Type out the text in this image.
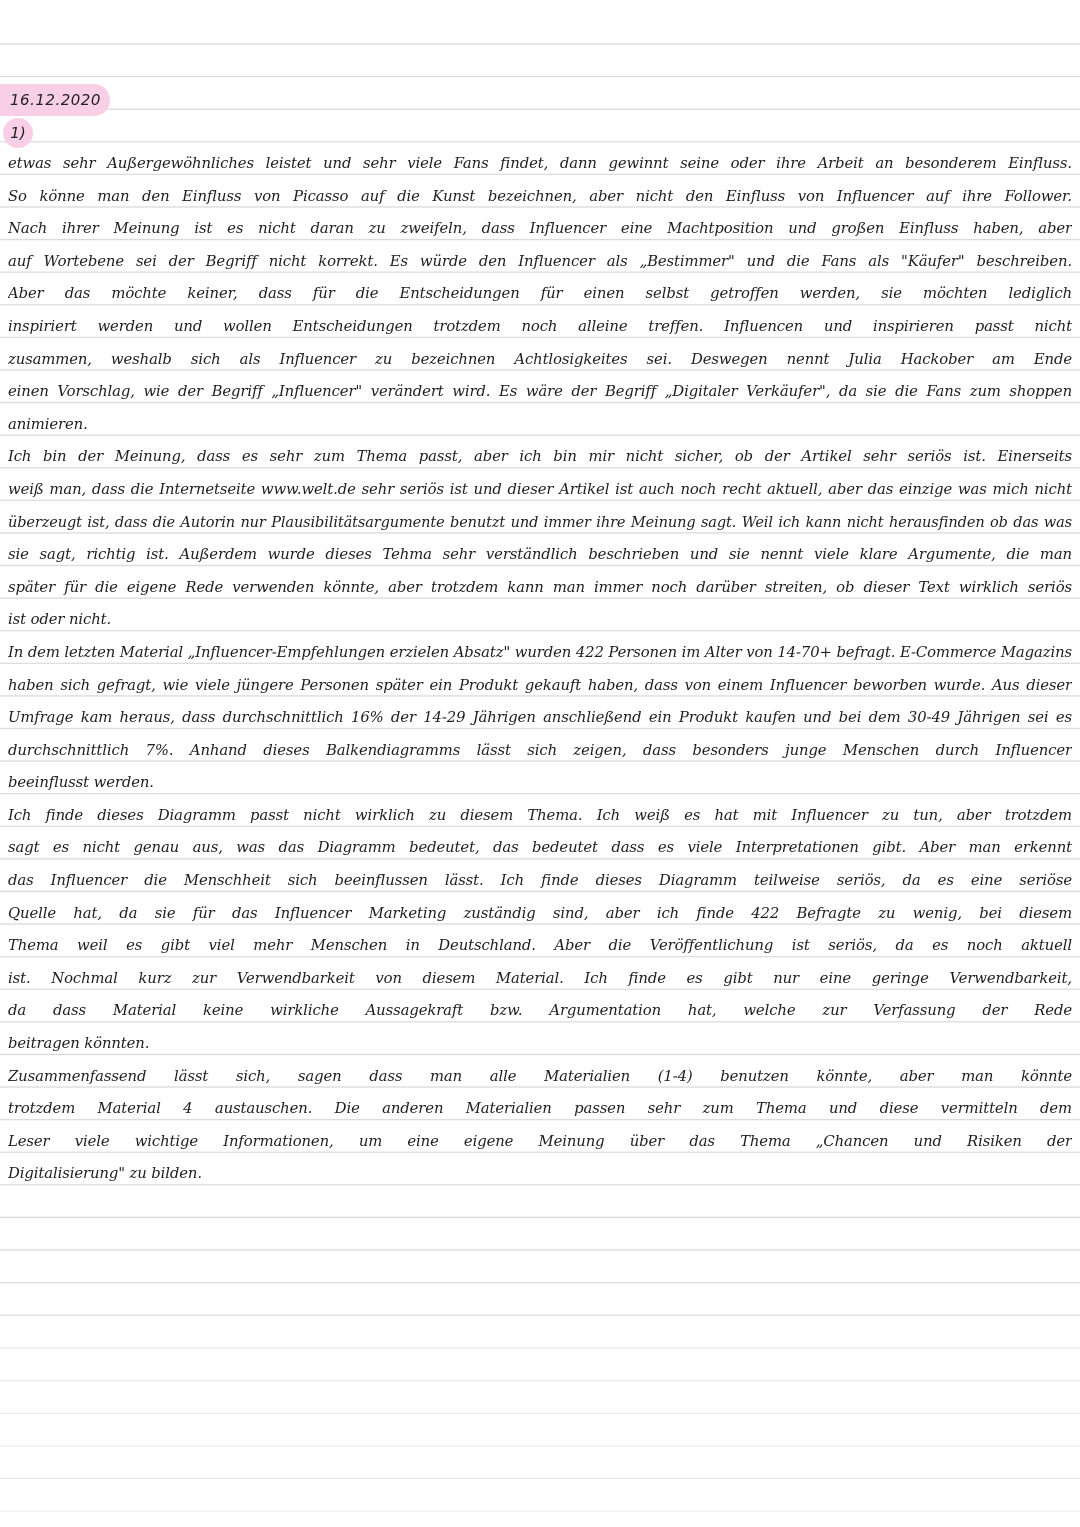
16.12.2020
1)
etwas sehr Außergewöhnliches leistet und sehr viele Fans findet, dann gewinnt seine oder ihre Arbeit an besonderem Einfluss.
So könne man den Einfluss von Picasso auf die Kunst bezeichnen, aber nicht den Einfluss von Influencer auf ihre Follower.
Nach ihrer Meinung ist es nicht daran zu zweifeln, dass Influencer eine Machtposition und großen Einfluss haben, aber
auf Wortebene sei der Begriff nicht korrekt. Es würde den Influencer als „Bestimmer" und die Fans als "Käufer" beschreiben.
Aber das möchte keiner, dass für die Entscheidungen für einen selbst getroffen werden, sie möchten lediglich
inspiriert werden und wollen Entscheidungen trotzdem noch alleine treffen. Influencen und inspirieren passt nicht
zusammen, weshalb sich als Influencer zu bezeichnen Achtlosigkeites sei. Deswegen nennt Julia Hackober am Ende
einen Vorschlag, wie der Begriff „Influencer" verändert wird. Es wäre der Begriff „Digitaler Verkäufer", da sie die Fans zum shoppen
animieren.
Ich bin der Meinung, dass es sehr zum Thema passt, aber ich bin mir nicht sicher, ob der Artikel sehr seriös ist. Einerseits
weiß man, dass die Internetseite www.welt.de sehr seriös ist und dieser Artikel ist auch noch recht aktuell, aber das einzige was mich nicht
überzeugt ist, dass die Autorin nur Plausibilitätsargumente benutzt und immer ihre Meinung sagt. Weil ich kann nicht herausfinden ob das was
sie sagt, richtig ist. Außerdem wurde dieses Tehma sehr verständlich beschrieben und sie nennt viele klare Argumente, die man
später für die eigene Rede verwenden könnte, aber trotzdem kann man immer noch darüber streiten, ob dieser Text wirklich seriös
ist oder nicht.
In dem letzten Material „Influencer-Empfehlungen erzielen Absatz" wurden 422 Personen im Alter von 14-70+ befragt. E-Commerce Magazins
haben sich gefragt, wie viele jüngere Personen später ein Produkt gekauft haben, dass von einem Influencer beworben wurde. Aus dieser
Umfrage kam heraus, dass durchschnittlich 16% der 14-29 Jährigen anschließend ein Produkt kaufen und bei dem 30-49 Jährigen sei es
durchschnittlich 7%. Anhand dieses Balkendiagramms lässt sich zeigen, dass besonders junge Menschen durch Influencer
beeinflusst werden.
Ich finde dieses Diagramm passt nicht wirklich zu diesem Thema. Ich weiß es hat mit Influencer zu tun, aber trotzdem
sagt es nicht genau aus, was das Diagramm bedeutet, das bedeutet dass es viele Interpretationen gibt. Aber man erkennt
das Influencer die Menschheit sich beeinflussen lässt. Ich finde dieses Diagramm teilweise seriös, da es eine seriöse
Quelle hat, da sie für das Influencer Marketing zuständig sind, aber ich finde 422 Befragte zu wenig, bei diesem
Thema weil es gibt viel mehr Menschen in Deutschland. Aber die Veröffentlichung ist seriös, da es noch aktuell
ist. Nochmal kurz zur Verwendbarkeit von diesem Material. Ich finde es gibt nur eine geringe Verwendbarkeit,
da dass Material keine wirkliche Aussagekraft bzw. Argumentation hat, welche zur Verfassung der Rede
beitragen könnten.
Zusammenfassend lässt sich, sagen dass man alle Materialien (1-4) benutzen könnte, aber man könnte
trotzdem Material 4 austauschen. Die anderen Materialien passen sehr zum Thema und diese vermitteln dem
Leser viele wichtige Informationen, um eine eigene Meinung über das Thema „Chancen und Risiken der
Digitalisierung" zu bilden.
